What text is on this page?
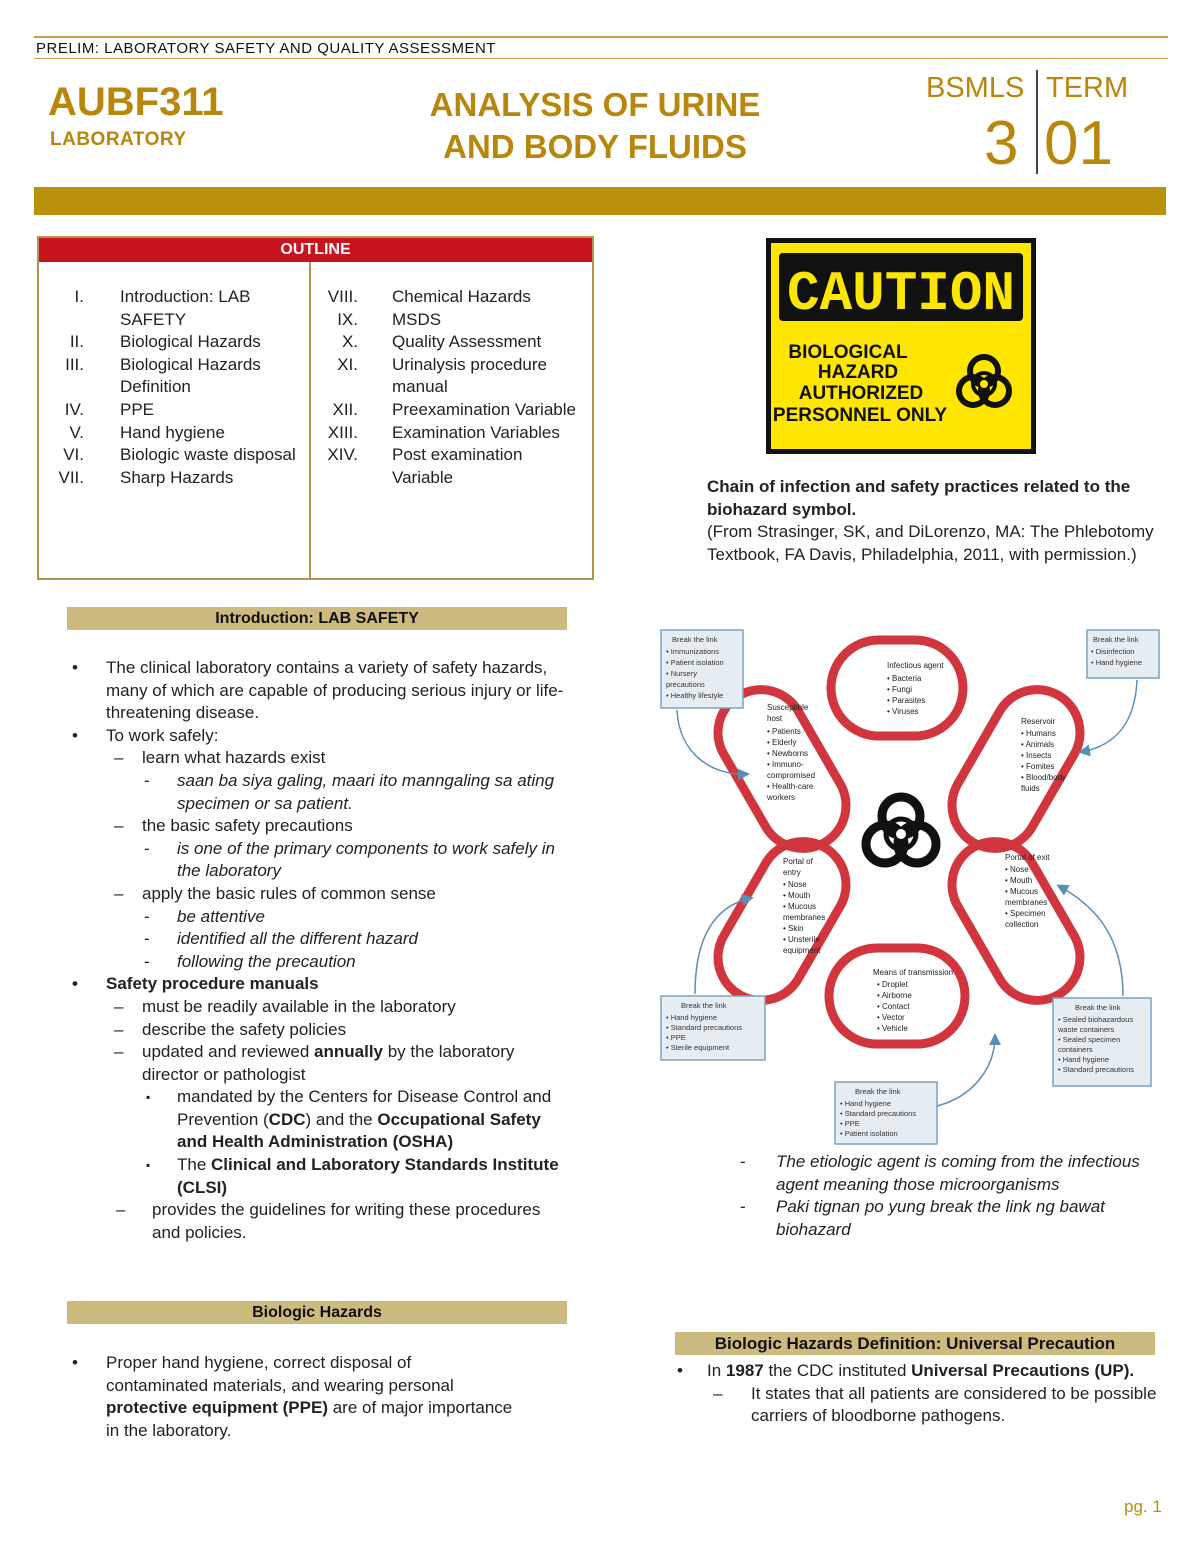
PRELIM: LABORATORY SAFETY AND QUALITY ASSESSMENT
AUBF311
LABORATORY
ANALYSIS OF URINE
AND BODY FLUIDS
BSMLS TERM
3 01
OUTLINE
I. Introduction: LAB SAFETY
II. Biological Hazards
III. Biological Hazards Definition
IV. PPE
V. Hand hygiene
VI. Biologic waste disposal
VII. Sharp Hazards
VIII. Chemical Hazards
IX. MSDS
X. Quality Assessment
XI. Urinalysis procedure manual
XII. Preexamination Variable
XIII. Examination Variables
XIV. Post examination Variable
Introduction: LAB SAFETY
• The clinical laboratory contains a variety of safety hazards, many of which are capable of producing serious injury or life-threatening disease.
• To work safely:
– learn what hazards exist
- saan ba siya galing, maari ito manngaling sa ating specimen or sa patient.
– the basic safety precautions
- is one of the primary components to work safely in the laboratory
– apply the basic rules of common sense
- be attentive
- identified all the different hazard
- following the precaution
• Safety procedure manuals
– must be readily available in the laboratory
– describe the safety policies
– updated and reviewed annually by the laboratory director or pathologist
▪ mandated by the Centers for Disease Control and Prevention (CDC) and the Occupational Safety and Health Administration (OSHA)
▪ The Clinical and Laboratory Standards Institute (CLSI)
– provides the guidelines for writing these procedures and policies.
Biologic Hazards
• Proper hand hygiene, correct disposal of contaminated materials, and wearing personal protective equipment (PPE) are of major importance in the laboratory.
CAUTION
BIOLOGICAL
HAZARD
AUTHORIZED
PERSONNEL ONLY
Chain of infection and safety practices related to the biohazard symbol.
(From Strasinger, SK, and DiLorenzo, MA: The Phlebotomy Textbook, FA Davis, Philadelphia, 2011, with permission.)
Infectious agent
• Bacteria
• Fungi
• Parasites
• Viruses
Reservoir
• Humans
• Animals
• Insects
• Fomites
• Blood/body
fluids
Portal of exit
• Nose
• Mouth
• Mucous
membranes
• Specimen
collection
Means of transmission
• Droplet
• Airborne
• Contact
• Vector
• Vehicle
Portal of
entry
• Nose
• Mouth
• Mucous
membranes
• Skin
• Unsterile
equipment
Susceptible
host
• Patients
• Elderly
• Newborns
• Immuno-
compromised
• Health-care
workers
Break the link
• Immunizations
• Patient isolation
• Nursery
precautions
• Healthy lifestyle
Break the link
• Disinfection
• Hand hygiene
Break the link
• Sealed biohazardous
waste containers
• Sealed specimen
containers
• Hand hygiene
• Standard precautions
Break the link
• Hand hygiene
• Standard precautions
• PPE
• Patient isolation
Break the link
• Hand hygiene
• Standard precautions
• PPE
• Sterile equipment
- The etiologic agent is coming from the infectious agent meaning those microorganisms
- Paki tignan po yung break the link ng bawat biohazard
Biologic Hazards Definition: Universal Precaution
• In 1987 the CDC instituted Universal Precautions (UP).
– It states that all patients are considered to be possible carriers of bloodborne pathogens.
pg. 1
